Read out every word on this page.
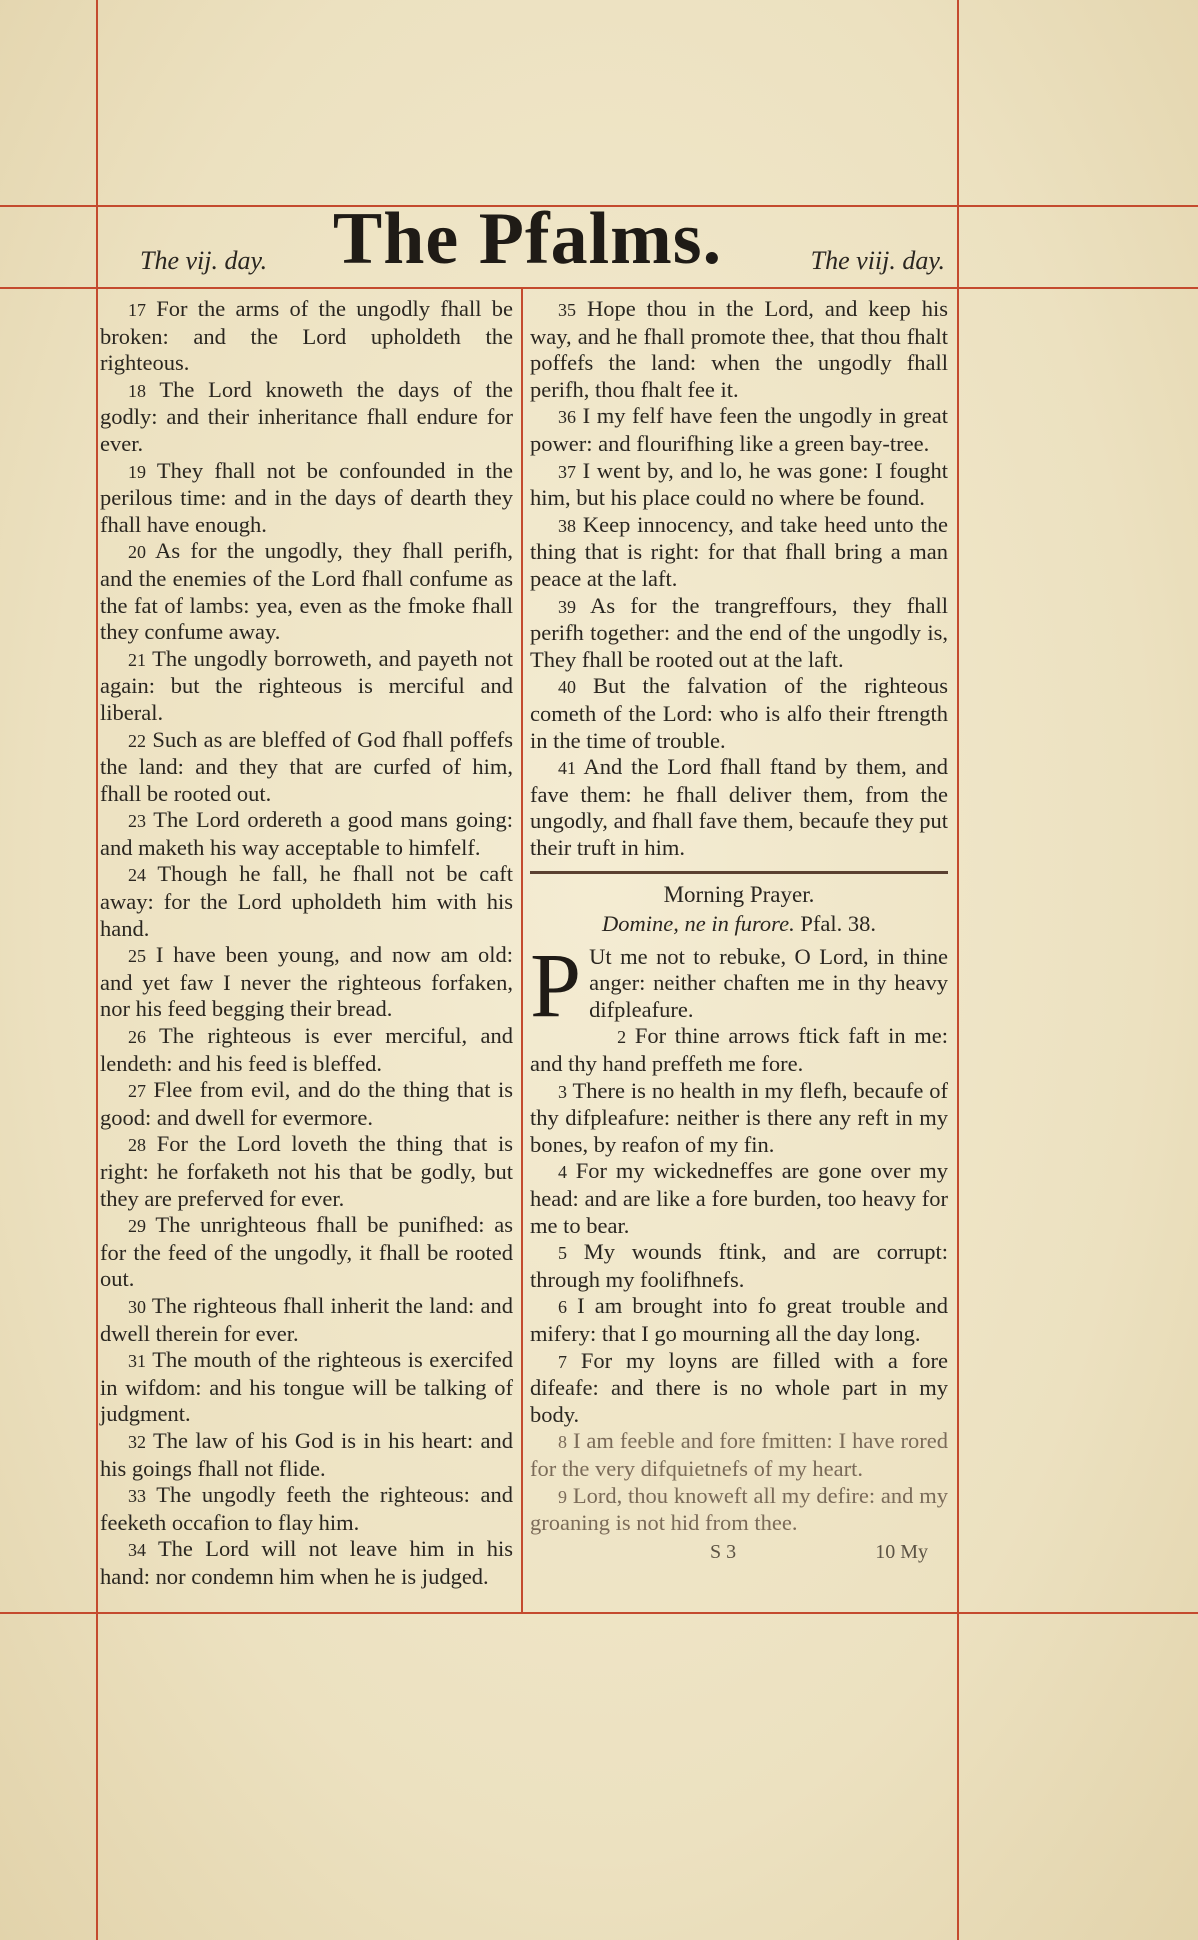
The vij. day. The Pfalms.	The viij. day.

17 For the arms of the ungodly fhall be broken: and the Lord upholdeth the righteous.

18 The Lord knoweth the days of the godly: and their inheritance fhall endure for ever.

19 They fhall not be confounded in the perilous time: and in the days of dearth they fhall have enough.

20 As for the ungodly, they fhall perifh, and the enemies of the Lord fhall confume as the fat of lambs: yea, even as the fmoke fhall they confume away.

21 The ungodly borroweth, and payeth not again: but the righteous is merciful and liberal.

22 Such as are bleffed of God fhall poffefs the land: and they that are curfed of him, fhall be rooted out.

23 The Lord ordereth a good mans going: and maketh his way acceptable to himfelf.

24 Though he fall, he fhall not be caft away: for the Lord upholdeth him with his hand.

25 I have been young, and now am old: and yet faw I never the righteous forfaken, nor his feed begging their bread.

26 The righteous is ever merciful, and lendeth: and his feed is bleffed.

27 Flee from evil, and do the thing that is good: and dwell for evermore.

28 For the Lord loveth the thing that is right: he forfaketh not his that be godly, but they are preferved for ever.

29 The unrighteous fhall be punifhed: as for the feed of the ungodly, it fhall be rooted out.

30 The righteous fhall inherit the land: and dwell therein for ever.

31 The mouth of the righteous is exercifed in wifdom: and his tongue will be talking of judgment.

32 The law of his God is in his heart: and his goings fhall not flide.

33 The ungodly feeth the righteous: and feeketh occafion to flay him.

34 The Lord will not leave him in his hand: nor condemn him when he is judged.

35 Hope thou in the Lord, and keep his way, and he fhall promote thee, that thou fhalt poffefs the land: when the ungodly fhall perifh, thou fhalt fee it.

36 I my felf have feen the ungodly in great power: and flourifhing like a green bay-tree.

37 I went by, and lo, he was gone: I fought him, but his place could no where be found.

38 Keep innocency, and take heed unto the thing that is right: for that fhall bring a man peace at the laft.

39 As for the trangreffours, they fhall perifh together: and the end of the ungodly is, They fhall be rooted out at the laft.

40 But the falvation of the righteous cometh of the Lord: who is alfo their ftrength in the time of trouble.

41 And the Lord fhall ftand by them, and fave them: he fhall deliver them, from the ungodly, and fhall fave them, becaufe they put their truft in him.

Morning Prayer.
Domine, ne in furore. Pfal. 38.

P Ut me not to rebuke, O Lord, in thine anger: neither chaften me in thy heavy difpleafure.

2 For thine arrows ftick faft in me: and thy hand preffeth me fore.

3 There is no health in my flefh, becaufe of thy difpleafure: neither is there any reft in my bones, by reafon of my fin.

4 For my wickedneffes are gone over my head: and are like a fore burden, too heavy for me to bear.

5 My wounds ftink, and are corrupt: through my foolifhnefs.

6 I am brought into fo great trouble and mifery: that I go mourning all the day long.

7 For my loyns are filled with a fore difeafe: and there is no whole part in my body.

8 I am feeble and fore fmitten: I have rored for the very difquietnefs of my heart.

9 Lord, thou knoweft all my defire: and my groaning is not hid from thee.

S 3	10 My
